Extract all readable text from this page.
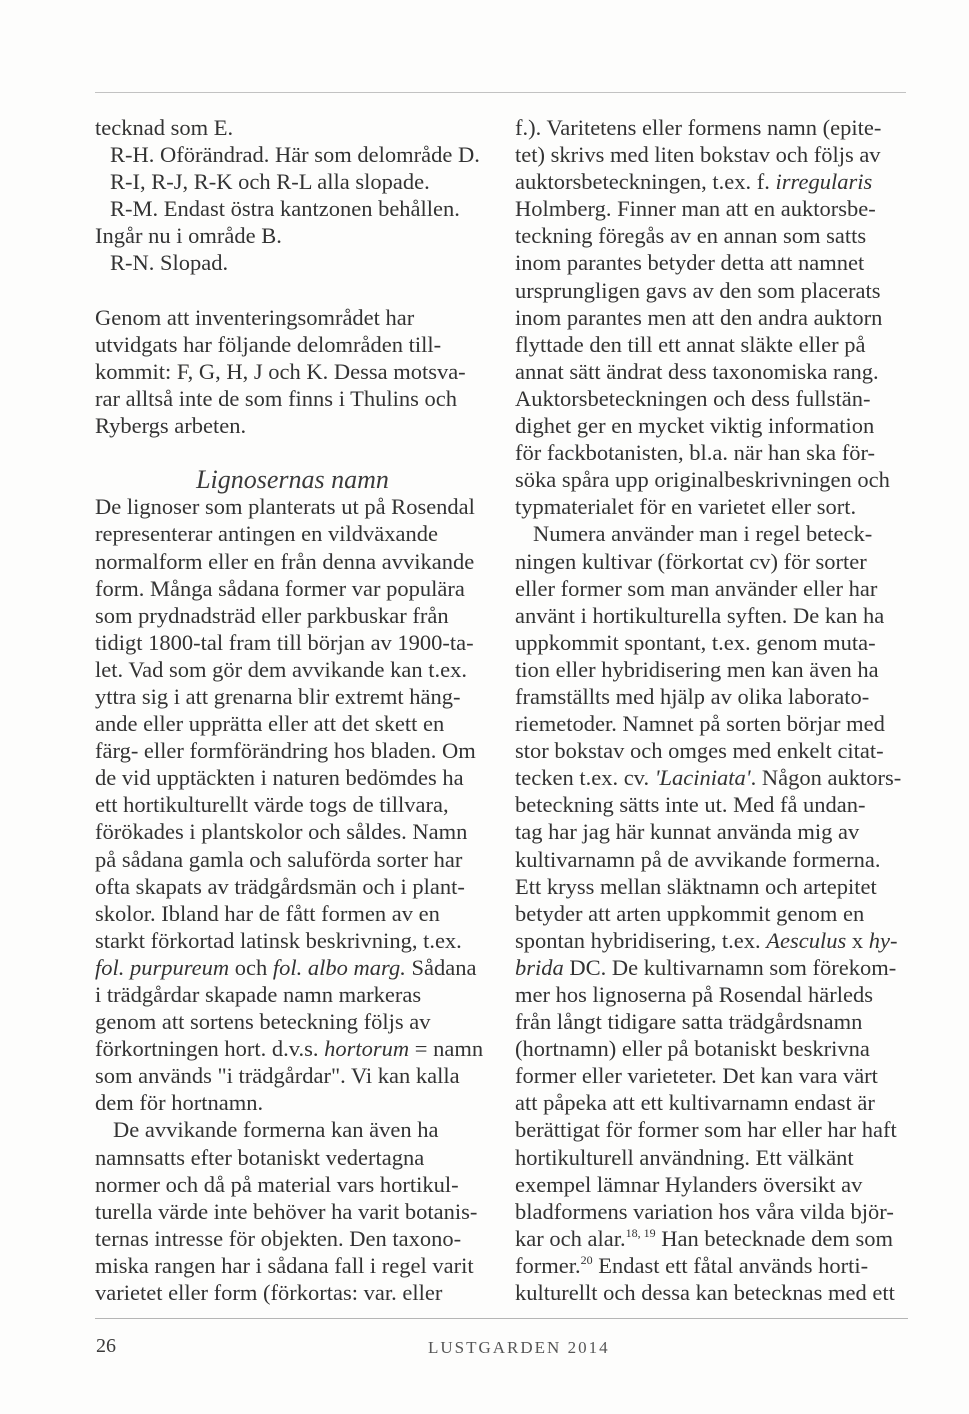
tecknad som E.
R-H. Oförändrad. Här som delområde D.
R-I, R-J, R-K och R-L alla slopade.
R-M. Endast östra kantzonen behållen.
Ingår nu i område B.
R-N. Slopad.
Genom att inventeringsområdet har
utvidgats har följande delområden till-
kommit: F, G, H, J och K. Dessa motsva-
rar alltså inte de som finns i Thulins och
Rybergs arbeten.
Lignosernas namn
De lignoser som planterats ut på Rosendal
representerar antingen en vildväxande
normalform eller en från denna avvikande
form. Många sådana former var populära
som prydnadsträd eller parkbuskar från
tidigt 1800-tal fram till början av 1900-ta-
let. Vad som gör dem avvikande kan t.ex.
yttra sig i att grenarna blir extremt häng-
ande eller upprätta eller att det skett en
färg- eller formförändring hos bladen. Om
de vid upptäckten i naturen bedömdes ha
ett hortikulturellt värde togs de tillvara,
förökades i plantskolor och såldes. Namn
på sådana gamla och saluförda sorter har
ofta skapats av trädgårdsmän och i plant-
skolor. Ibland har de fått formen av en
starkt förkortad latinsk beskrivning, t.ex.
fol. purpureum och fol. albo marg. Sådana
i trädgårdar skapade namn markeras
genom att sortens beteckning följs av
förkortningen hort. d.v.s. hortorum = namn
som används "i trädgårdar". Vi kan kalla
dem för hortnamn.
De avvikande formerna kan även ha
namnsatts efter botaniskt vedertagna
normer och då på material vars hortikul-
turella värde inte behöver ha varit botanis-
ternas intresse för objekten. Den taxono-
miska rangen har i sådana fall i regel varit
varietet eller form (förkortas: var. eller
f.). Varitetens eller formens namn (epite-
tet) skrivs med liten bokstav och följs av
auktorsbeteckningen, t.ex. f. irregularis
Holmberg. Finner man att en auktorsbe-
teckning föregås av en annan som satts
inom parantes betyder detta att namnet
ursprungligen gavs av den som placerats
inom parantes men att den andra auktorn
flyttade den till ett annat släkte eller på
annat sätt ändrat dess taxonomiska rang.
Auktorsbeteckningen och dess fullstän-
dighet ger en mycket viktig information
för fackbotanisten, bl.a. när han ska för-
söka spåra upp originalbeskrivningen och
typmaterialet för en varietet eller sort.
Numera använder man i regel beteck-
ningen kultivar (förkortat cv) för sorter
eller former som man använder eller har
använt i hortikulturella syften. De kan ha
uppkommit spontant, t.ex. genom muta-
tion eller hybridisering men kan även ha
framställts med hjälp av olika laborato-
riemetoder. Namnet på sorten börjar med
stor bokstav och omges med enkelt citat-
tecken t.ex. cv. 'Laciniata'. Någon auktors-
beteckning sätts inte ut. Med få undan-
tag har jag här kunnat använda mig av
kultivarnamn på de avvikande formerna.
Ett kryss mellan släktnamn och artepitet
betyder att arten uppkommit genom en
spontan hybridisering, t.ex. Aesculus x hy-
brida DC. De kultivarnamn som förekom-
mer hos lignoserna på Rosendal härleds
från långt tidigare satta trädgårdsnamn
(hortnamn) eller på botaniskt beskrivna
former eller varieteter. Det kan vara värt
att påpeka att ett kultivarnamn endast är
berättigat för former som har eller har haft
hortikulturell användning. Ett välkänt
exempel lämnar Hylanders översikt av
bladformens variation hos våra vilda björ-
kar och alar.$^{18, 19}$ Han betecknade dem som
former.$^{20}$ Endast ett fåtal används horti-
kulturellt och dessa kan betecknas med ett
26	LUSTGARDEN 2014
